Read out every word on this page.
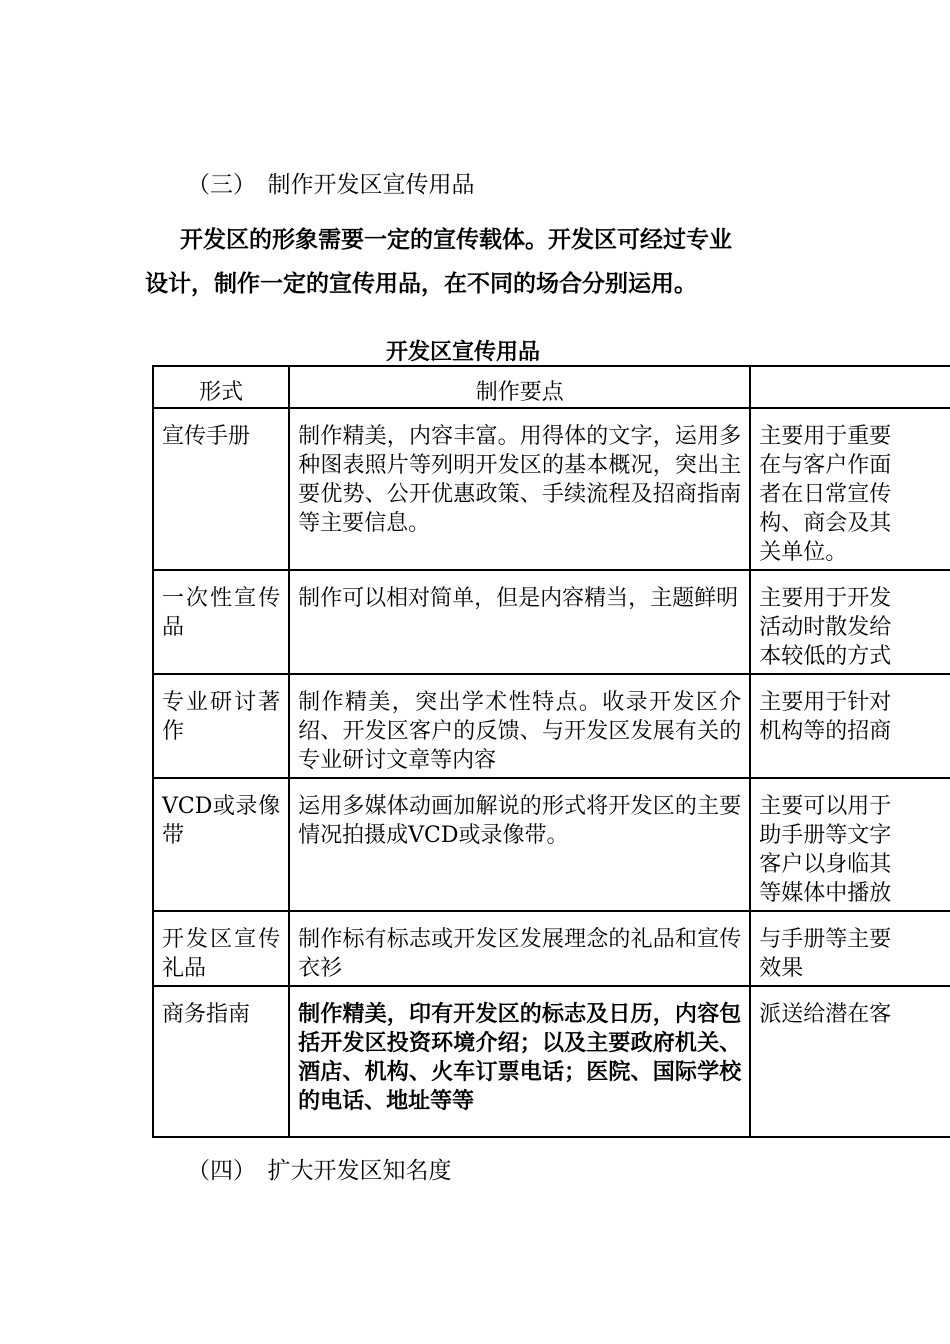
（三）　制作开发区宣传用品
开发区的形象需要一定的宣传载体。开发区可经过专业
设计，制作一定的宣传用品，在不同的场合分别运用。
开发区宣传用品
形式	制作要点	
宣传手册	制作精美，内容丰富。用得体的文字，运用多种图表照片等列明开发区的基本概况，突出主要优势、公开优惠政策、手续流程及招商指南等主要信息。	主要用于重要
在与客户作面
者在日常宣传
构、商会及其
关单位。

一次性宣传品	制作可以相对简单，但是内容精当，主题鲜明	主要用于开发
活动时散发给
本较低的方式

专业研讨著作	制作精美，突出学术性特点。收录开发区介绍、开发区客户的反馈、与开发区发展有关的专业研讨文章等内容	主要用于针对
机构等的招商

VCD或录像带	运用多媒体动画加解说的形式将开发区的主要情况拍摄成VCD或录像带。	主要可以用于
助手册等文字
客户以身临其
等媒体中播放

开发区宣传礼品	制作标有标志或开发区发展理念的礼品和宣传衣衫	与手册等主要
效果

商务指南	制作精美，印有开发区的标志及日历，内容包括开发区投资环境介绍；以及主要政府机关、酒店、机构、火车订票电话；医院、国际学校的电话、地址等等	派送给潜在客
（四）　扩大开发区知名度
